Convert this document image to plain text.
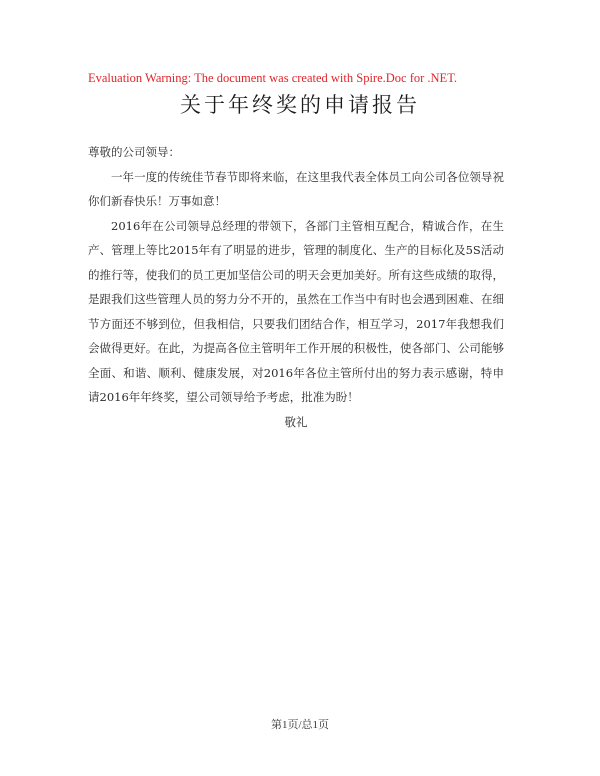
Evaluation Warning: The document was created with Spire.Doc for .NET.
关于年终奖的申请报告

尊敬的公司领导：

一年一度的传统佳节春节即将来临，在这里我代表全体员工向公司各位领导祝你们新春快乐！万事如意！

2016年在公司领导总经理的带领下，各部门主管相互配合，精诚合作，在生产、管理上等比2015年有了明显的进步，管理的制度化、生产的目标化及5S活动的推行等，使我们的员工更加坚信公司的明天会更加美好。所有这些成绩的取得，是跟我们这些管理人员的努力分不开的，虽然在工作当中有时也会遇到困难、在细节方面还不够到位，但我相信，只要我们团结合作，相互学习，2017年我想我们会做得更好。在此，为提高各位主管明年工作开展的积极性，使各部门、公司能够全面、和谐、顺利、健康发展，对2016年各位主管所付出的努力表示感谢，特申请2016年年终奖，望公司领导给予考虑，批准为盼！

敬礼

第1页/总1页
